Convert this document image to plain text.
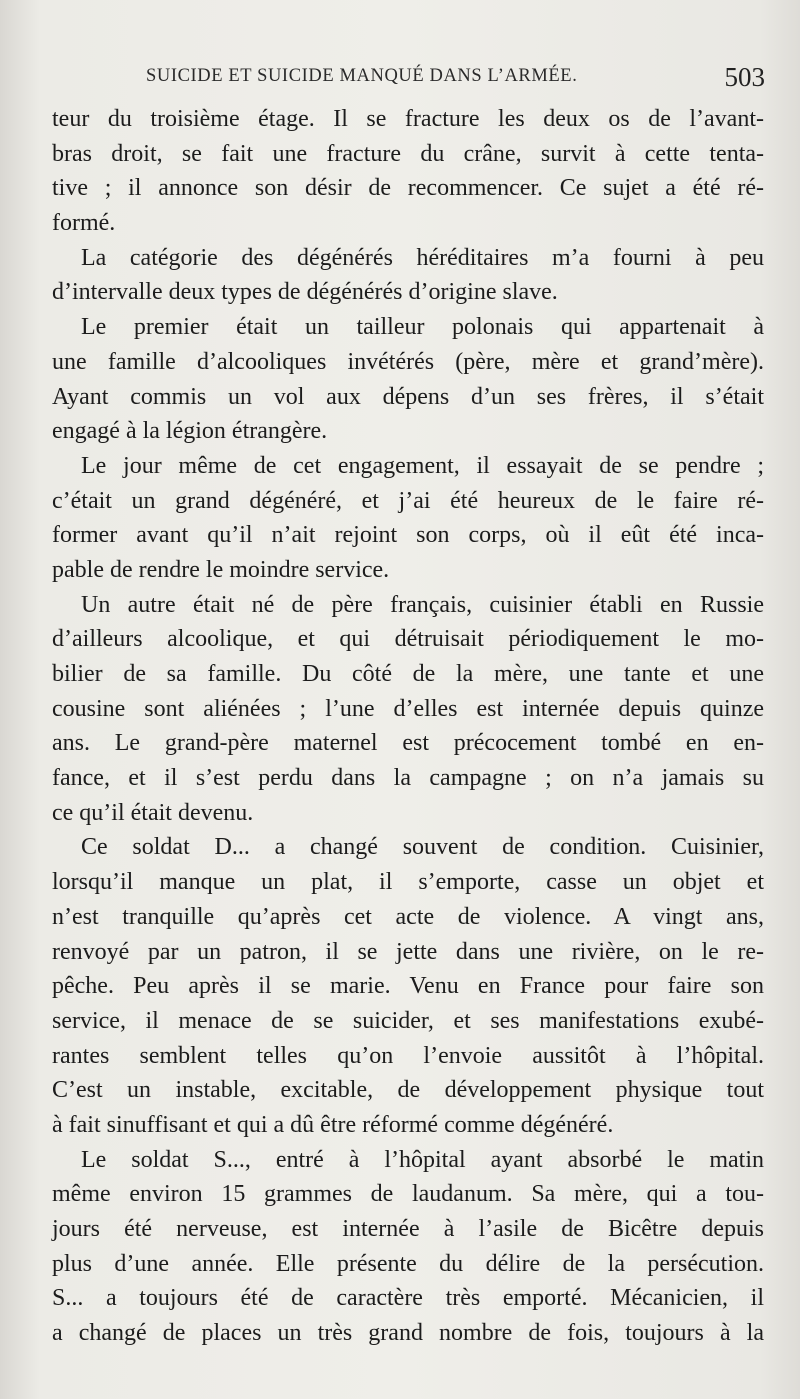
SUICIDE ET SUICIDE MANQUÉ DANS L’ARMÉE.	503
teur du troisième étage. Il se fracture les deux os de l’avant-
bras droit, se fait une fracture du crâne, survit à cette tenta-
tive ; il annonce son désir de recommencer. Ce sujet a été ré-
formé.
La catégorie des dégénérés héréditaires m’a fourni à peu
d’intervalle deux types de dégénérés d’origine slave.
Le premier était un tailleur polonais qui appartenait à
une famille d’alcooliques invétérés (père, mère et grand’mère).
Ayant commis un vol aux dépens d’un ses frères, il s’était
engagé à la légion étrangère.
Le jour même de cet engagement, il essayait de se pendre ;
c’était un grand dégénéré, et j’ai été heureux de le faire ré-
former avant qu’il n’ait rejoint son corps, où il eût été inca-
pable de rendre le moindre service.
Un autre était né de père français, cuisinier établi en Russie
d’ailleurs alcoolique, et qui détruisait périodiquement le mo-
bilier de sa famille. Du côté de la mère, une tante et une
cousine sont aliénées ; l’une d’elles est internée depuis quinze
ans. Le grand-père maternel est précocement tombé en en-
fance, et il s’est perdu dans la campagne ; on n’a jamais su
ce qu’il était devenu.
Ce soldat D... a changé souvent de condition. Cuisinier,
lorsqu’il manque un plat, il s’emporte, casse un objet et
n’est tranquille qu’après cet acte de violence. A vingt ans,
renvoyé par un patron, il se jette dans une rivière, on le re-
pêche. Peu après il se marie. Venu en France pour faire son
service, il menace de se suicider, et ses manifestations exubé-
rantes semblent telles qu’on l’envoie aussitôt à l’hôpital.
C’est un instable, excitable, de développement physique tout
à fait sinuffisant et qui a dû être réformé comme dégénéré.
Le soldat S..., entré à l’hôpital ayant absorbé le matin
même environ 15 grammes de laudanum. Sa mère, qui a tou-
jours été nerveuse, est internée à l’asile de Bicêtre depuis
plus d’une année. Elle présente du délire de la persécution.
S... a toujours été de caractère très emporté. Mécanicien, il
a changé de places un très grand nombre de fois, toujours à la
